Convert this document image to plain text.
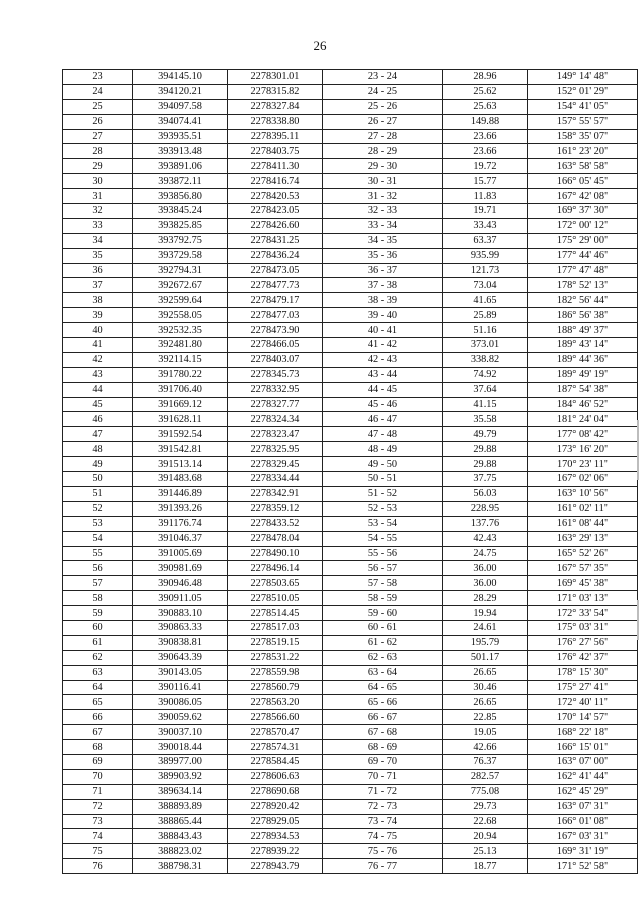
26
23	394145.10	2278301.01	23 - 24	28.96	149° 14' 48"
24	394120.21	2278315.82	24 - 25	25.62	152° 01' 29"
25	394097.58	2278327.84	25 - 26	25.63	154° 41' 05"
26	394074.41	2278338.80	26 - 27	149.88	157° 55' 57"
27	393935.51	2278395.11	27 - 28	23.66	158° 35' 07"
28	393913.48	2278403.75	28 - 29	23.66	161° 23' 20"
29	393891.06	2278411.30	29 - 30	19.72	163° 58' 58"
30	393872.11	2278416.74	30 - 31	15.77	166° 05' 45"
31	393856.80	2278420.53	31 - 32	11.83	167° 42' 08"
32	393845.24	2278423.05	32 - 33	19.71	169° 37' 30"
33	393825.85	2278426.60	33 - 34	33.43	172° 00' 12"
34	393792.75	2278431.25	34 - 35	63.37	175° 29' 00"
35	393729.58	2278436.24	35 - 36	935.99	177° 44' 46"
36	392794.31	2278473.05	36 - 37	121.73	177° 47' 48"
37	392672.67	2278477.73	37 - 38	73.04	178° 52' 13"
38	392599.64	2278479.17	38 - 39	41.65	182° 56' 44"
39	392558.05	2278477.03	39 - 40	25.89	186° 56' 38"
40	392532.35	2278473.90	40 - 41	51.16	188° 49' 37"
41	392481.80	2278466.05	41 - 42	373.01	189° 43' 14"
42	392114.15	2278403.07	42 - 43	338.82	189° 44' 36"
43	391780.22	2278345.73	43 - 44	74.92	189° 49' 19"
44	391706.40	2278332.95	44 - 45	37.64	187° 54' 38"
45	391669.12	2278327.77	45 - 46	41.15	184° 46' 52"
46	391628.11	2278324.34	46 - 47	35.58	181° 24' 04"
47	391592.54	2278323.47	47 - 48	49.79	177° 08' 42"
48	391542.81	2278325.95	48 - 49	29.88	173° 16' 20"
49	391513.14	2278329.45	49 - 50	29.88	170° 23' 11"
50	391483.68	2278334.44	50 - 51	37.75	167° 02' 06"
51	391446.89	2278342.91	51 - 52	56.03	163° 10' 56"
52	391393.26	2278359.12	52 - 53	228.95	161° 02' 11"
53	391176.74	2278433.52	53 - 54	137.76	161° 08' 44"
54	391046.37	2278478.04	54 - 55	42.43	163° 29' 13"
55	391005.69	2278490.10	55 - 56	24.75	165° 52' 26"
56	390981.69	2278496.14	56 - 57	36.00	167° 57' 35"
57	390946.48	2278503.65	57 - 58	36.00	169° 45' 38"
58	390911.05	2278510.05	58 - 59	28.29	171° 03' 13"
59	390883.10	2278514.45	59 - 60	19.94	172° 33' 54"
60	390863.33	2278517.03	60 - 61	24.61	175° 03' 31"
61	390838.81	2278519.15	61 - 62	195.79	176° 27' 56"
62	390643.39	2278531.22	62 - 63	501.17	176° 42' 37"
63	390143.05	2278559.98	63 - 64	26.65	178° 15' 30"
64	390116.41	2278560.79	64 - 65	30.46	175° 27' 41"
65	390086.05	2278563.20	65 - 66	26.65	172° 40' 11"
66	390059.62	2278566.60	66 - 67	22.85	170° 14' 57"
67	390037.10	2278570.47	67 - 68	19.05	168° 22' 18"
68	390018.44	2278574.31	68 - 69	42.66	166° 15' 01"
69	389977.00	2278584.45	69 - 70	76.37	163° 07' 00"
70	389903.92	2278606.63	70 - 71	282.57	162° 41' 44"
71	389634.14	2278690.68	71 - 72	775.08	162° 45' 29"
72	388893.89	2278920.42	72 - 73	29.73	163° 07' 31"
73	388865.44	2278929.05	73 - 74	22.68	166° 01' 08"
74	388843.43	2278934.53	74 - 75	20.94	167° 03' 31"
75	388823.02	2278939.22	75 - 76	25.13	169° 31' 19"
76	388798.31	2278943.79	76 - 77	18.77	171° 52' 58"
